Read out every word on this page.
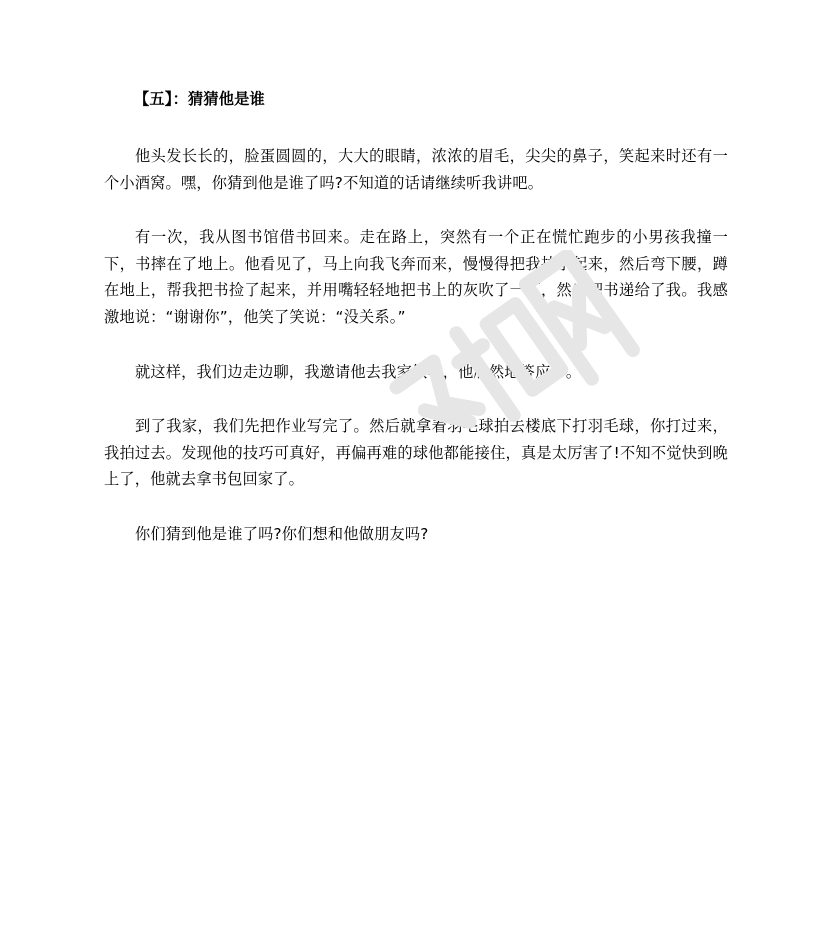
【五】：猜猜他是谁

他头发长长的，脸蛋圆圆的，大大的眼睛，浓浓的眉毛，尖尖的鼻子，笑起来时还有一个小酒窝。嘿，你猜到他是谁了吗?不知道的话请继续听我讲吧。

有一次，我从图书馆借书回来。走在路上，突然有一个正在慌忙跑步的小男孩我撞一下，书摔在了地上。他看见了，马上向我飞奔而来，慢慢得把我扶了起来，然后弯下腰，蹲在地上，帮我把书捡了起来，并用嘴轻轻地把书上的灰吹了一下，然后把书递给了我。我感激地说：“谢谢你”，他笑了笑说：“没关系。”

就这样，我们边走边聊，我邀请他去我家做客，他欣然地答应了。

到了我家，我们先把作业写完了。然后就拿着羽毛球拍去楼底下打羽毛球，你打过来，我拍过去。发现他的技巧可真好，再偏再难的球他都能接住，真是太厉害了!不知不觉快到晚上了，他就去拿书包回家了。

你们猜到他是谁了吗?你们想和他做朋友吗?
